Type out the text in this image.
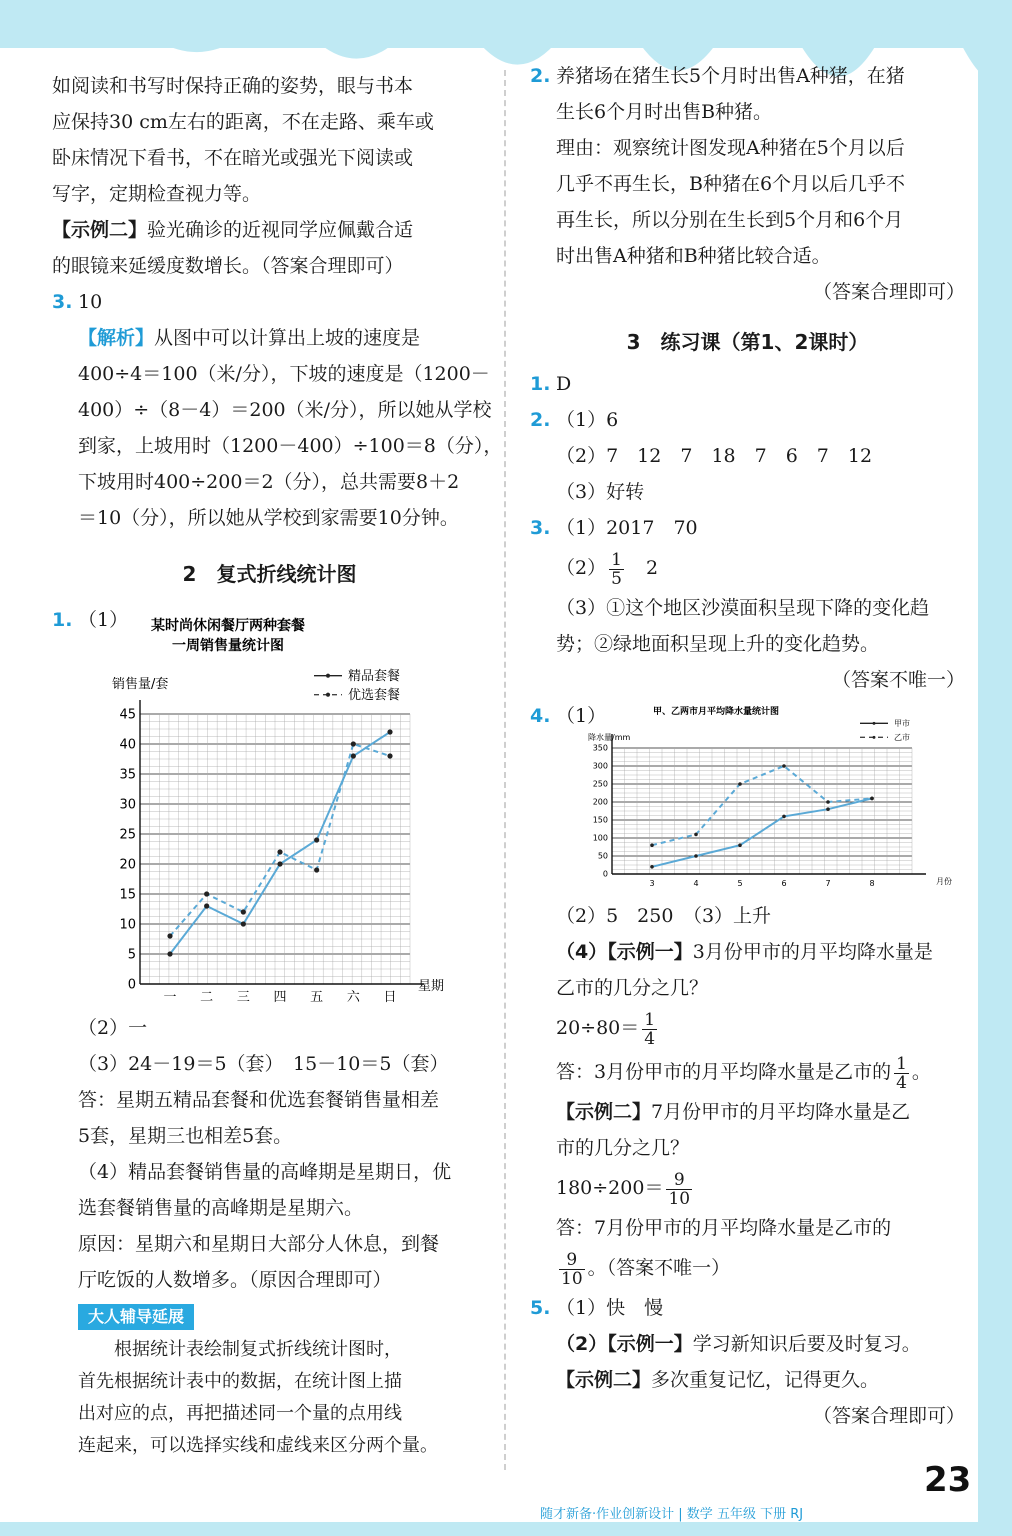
如阅读和书写时保持正确的姿势，眼与书本
应保持30 cm左右的距离，不在走路、乘车或
卧床情况下看书，不在暗光或强光下阅读或
写字，定期检查视力等。
【示例二】验光确诊的近视同学应佩戴合适
的眼镜来延缓度数增长。（答案合理即可）
3. 10
【解析】从图中可以计算出上坡的速度是
400÷4＝100（米/分），下坡的速度是（1200－
400）÷（8－4）＝200（米/分），所以她从学校
到家，上坡用时（1200－400）÷100＝8（分），
下坡用时400÷200＝2（分），总共需要8＋2
＝10（分），所以她从学校到家需要10分钟。
2　复式折线统计图
1. （1）	某时尚休闲餐厅两种套餐
一周销售量统计图
销售量/套
星期
精品套餐
优选套餐
0
5
10
15
20
25
30
35
40
45
一 二 三 四 五 六 日
（2）一
（3）24－19＝5（套）　15－10＝5（套）
答：星期五精品套餐和优选套餐销售量相差
5套，星期三也相差5套。
（4）精品套餐销售量的高峰期是星期日，优
选套餐销售量的高峰期是星期六。
原因：星期六和星期日大部分人休息，到餐
厅吃饭的人数增多。（原因合理即可）
大人辅导延展
　　根据统计表绘制复式折线统计图时，
首先根据统计表中的数据，在统计图上描
出对应的点，再把描述同一个量的点用线
连起来，可以选择实线和虚线来区分两个量。
2. 养猪场在猪生长5个月时出售A种猪，在猪
生长6个月时出售B种猪。
理由：观察统计图发现A种猪在5个月以后
几乎不再生长，B种猪在6个月以后几乎不
再生长，所以分别在生长到5个月和6个月
时出售A种猪和B种猪比较合适。
（答案合理即可）
3　练习课（第1、2课时）
1. D
2. （1）6
（2）7　12　7　18　7　6　7　12
（3）好转
3. （1）2017　70
$(2) \frac{1}{5}$
　 2
（3）①这个地区沙漠面积呈现下降的变化趋
势；②绿地面积呈现上升的变化趋势。
（答案不唯一）
4. （1）	甲、乙两市月平均降水量统计图
降水量/mm
月份
甲市
乙市
0
50
100
150
200
250
300
350
3	4	5	6	7	8
（2）5　250　（3）上升
（4）【示例一】3月份甲市的月平均降水量是
乙市的几分之几？
$20\div 80= \frac{1}{4}$
答：3月份甲市的月平均降水量是乙市的 $\frac{1}{4}$ 。
【示例二】7月份甲市的月平均降水量是乙
市的几分之几？
$180\div 200= \frac{9}{10}$
答：7月份甲市的月平均降水量是乙市的
$\frac{9}{10}$ 。（答案不唯一）
5. （1）快　慢
（2）【示例一】学习新知识后要及时复习。
【示例二】多次重复记忆，记得更久。
（答案合理即可）
随才新备·作业创新设计 | 数学 五年级 下册 RJ
23
